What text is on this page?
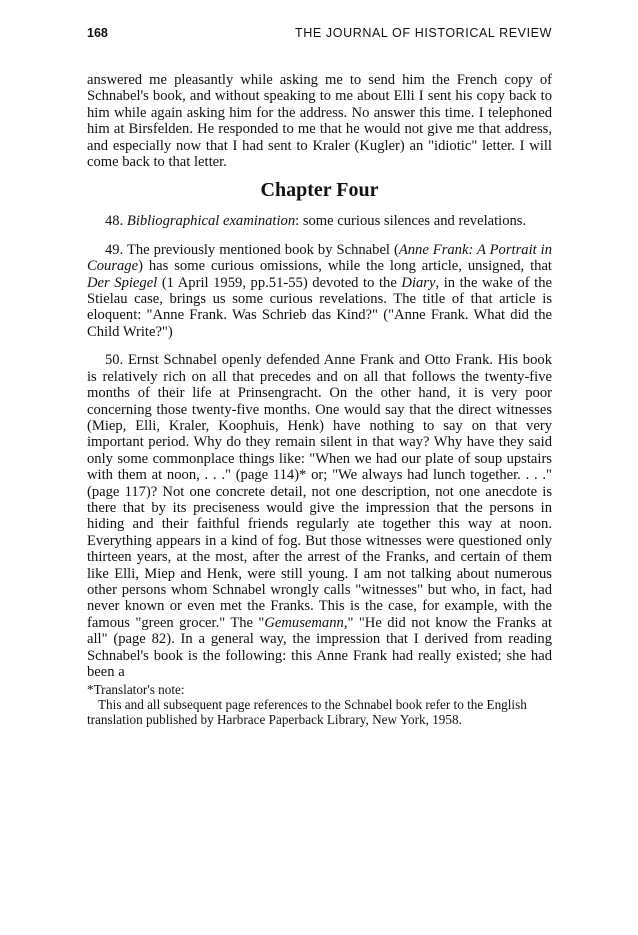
168	THE JOURNAL OF HISTORICAL REVIEW

answered me pleasantly while asking me to send him the French copy of Schnabel's book, and without speaking to me about Elli I sent his copy back to him while again asking him for the address. No answer this time. I telephoned him at Birsfelden. He responded to me that he would not give me that address, and especially now that I had sent to Kraler (Kugler) an "idiotic" letter. I will come back to that letter.

Chapter Four

48. Bibliographical examination: some curious silences and revelations.

49. The previously mentioned book by Schnabel (Anne Frank: A Portrait in Courage) has some curious omissions, while the long article, unsigned, that Der Spiegel (1 April 1959, pp.51-55) devoted to the Diary, in the wake of the Stielau case, brings us some curious revelations. The title of that article is eloquent: "Anne Frank. Was Schrieb das Kind?" ("Anne Frank. What did the Child Write?")

50. Ernst Schnabel openly defended Anne Frank and Otto Frank. His book is relatively rich on all that precedes and on all that follows the twenty-five months of their life at Prinsengracht. On the other hand, it is very poor concerning those twenty-five months. One would say that the direct witnesses (Miep, Elli, Kraler, Koophuis, Henk) have nothing to say on that very important period. Why do they remain silent in that way? Why have they said only some commonplace things like: "When we had our plate of soup upstairs with them at noon, . . ." (page 114)* or; "We always had lunch together. . . ." (page 117)? Not one concrete detail, not one description, not one anecdote is there that by its preciseness would give the impression that the persons in hiding and their faithful friends regularly ate together this way at noon. Everything appears in a kind of fog. But those witnesses were questioned only thirteen years, at the most, after the arrest of the Franks, and certain of them like Elli, Miep and Henk, were still young. I am not talking about numerous other persons whom Schnabel wrongly calls "witnesses" but who, in fact, had never known or even met the Franks. This is the case, for example, with the famous "green grocer." The "Gemusemann," "He did not know the Franks at all" (page 82). In a general way, the impression that I derived from reading Schnabel's book is the following: this Anne Frank had really existed; she had been a

*Translator's note:
This and all subsequent page references to the Schnabel book refer to the English translation published by Harbrace Paperback Library, New York, 1958.
